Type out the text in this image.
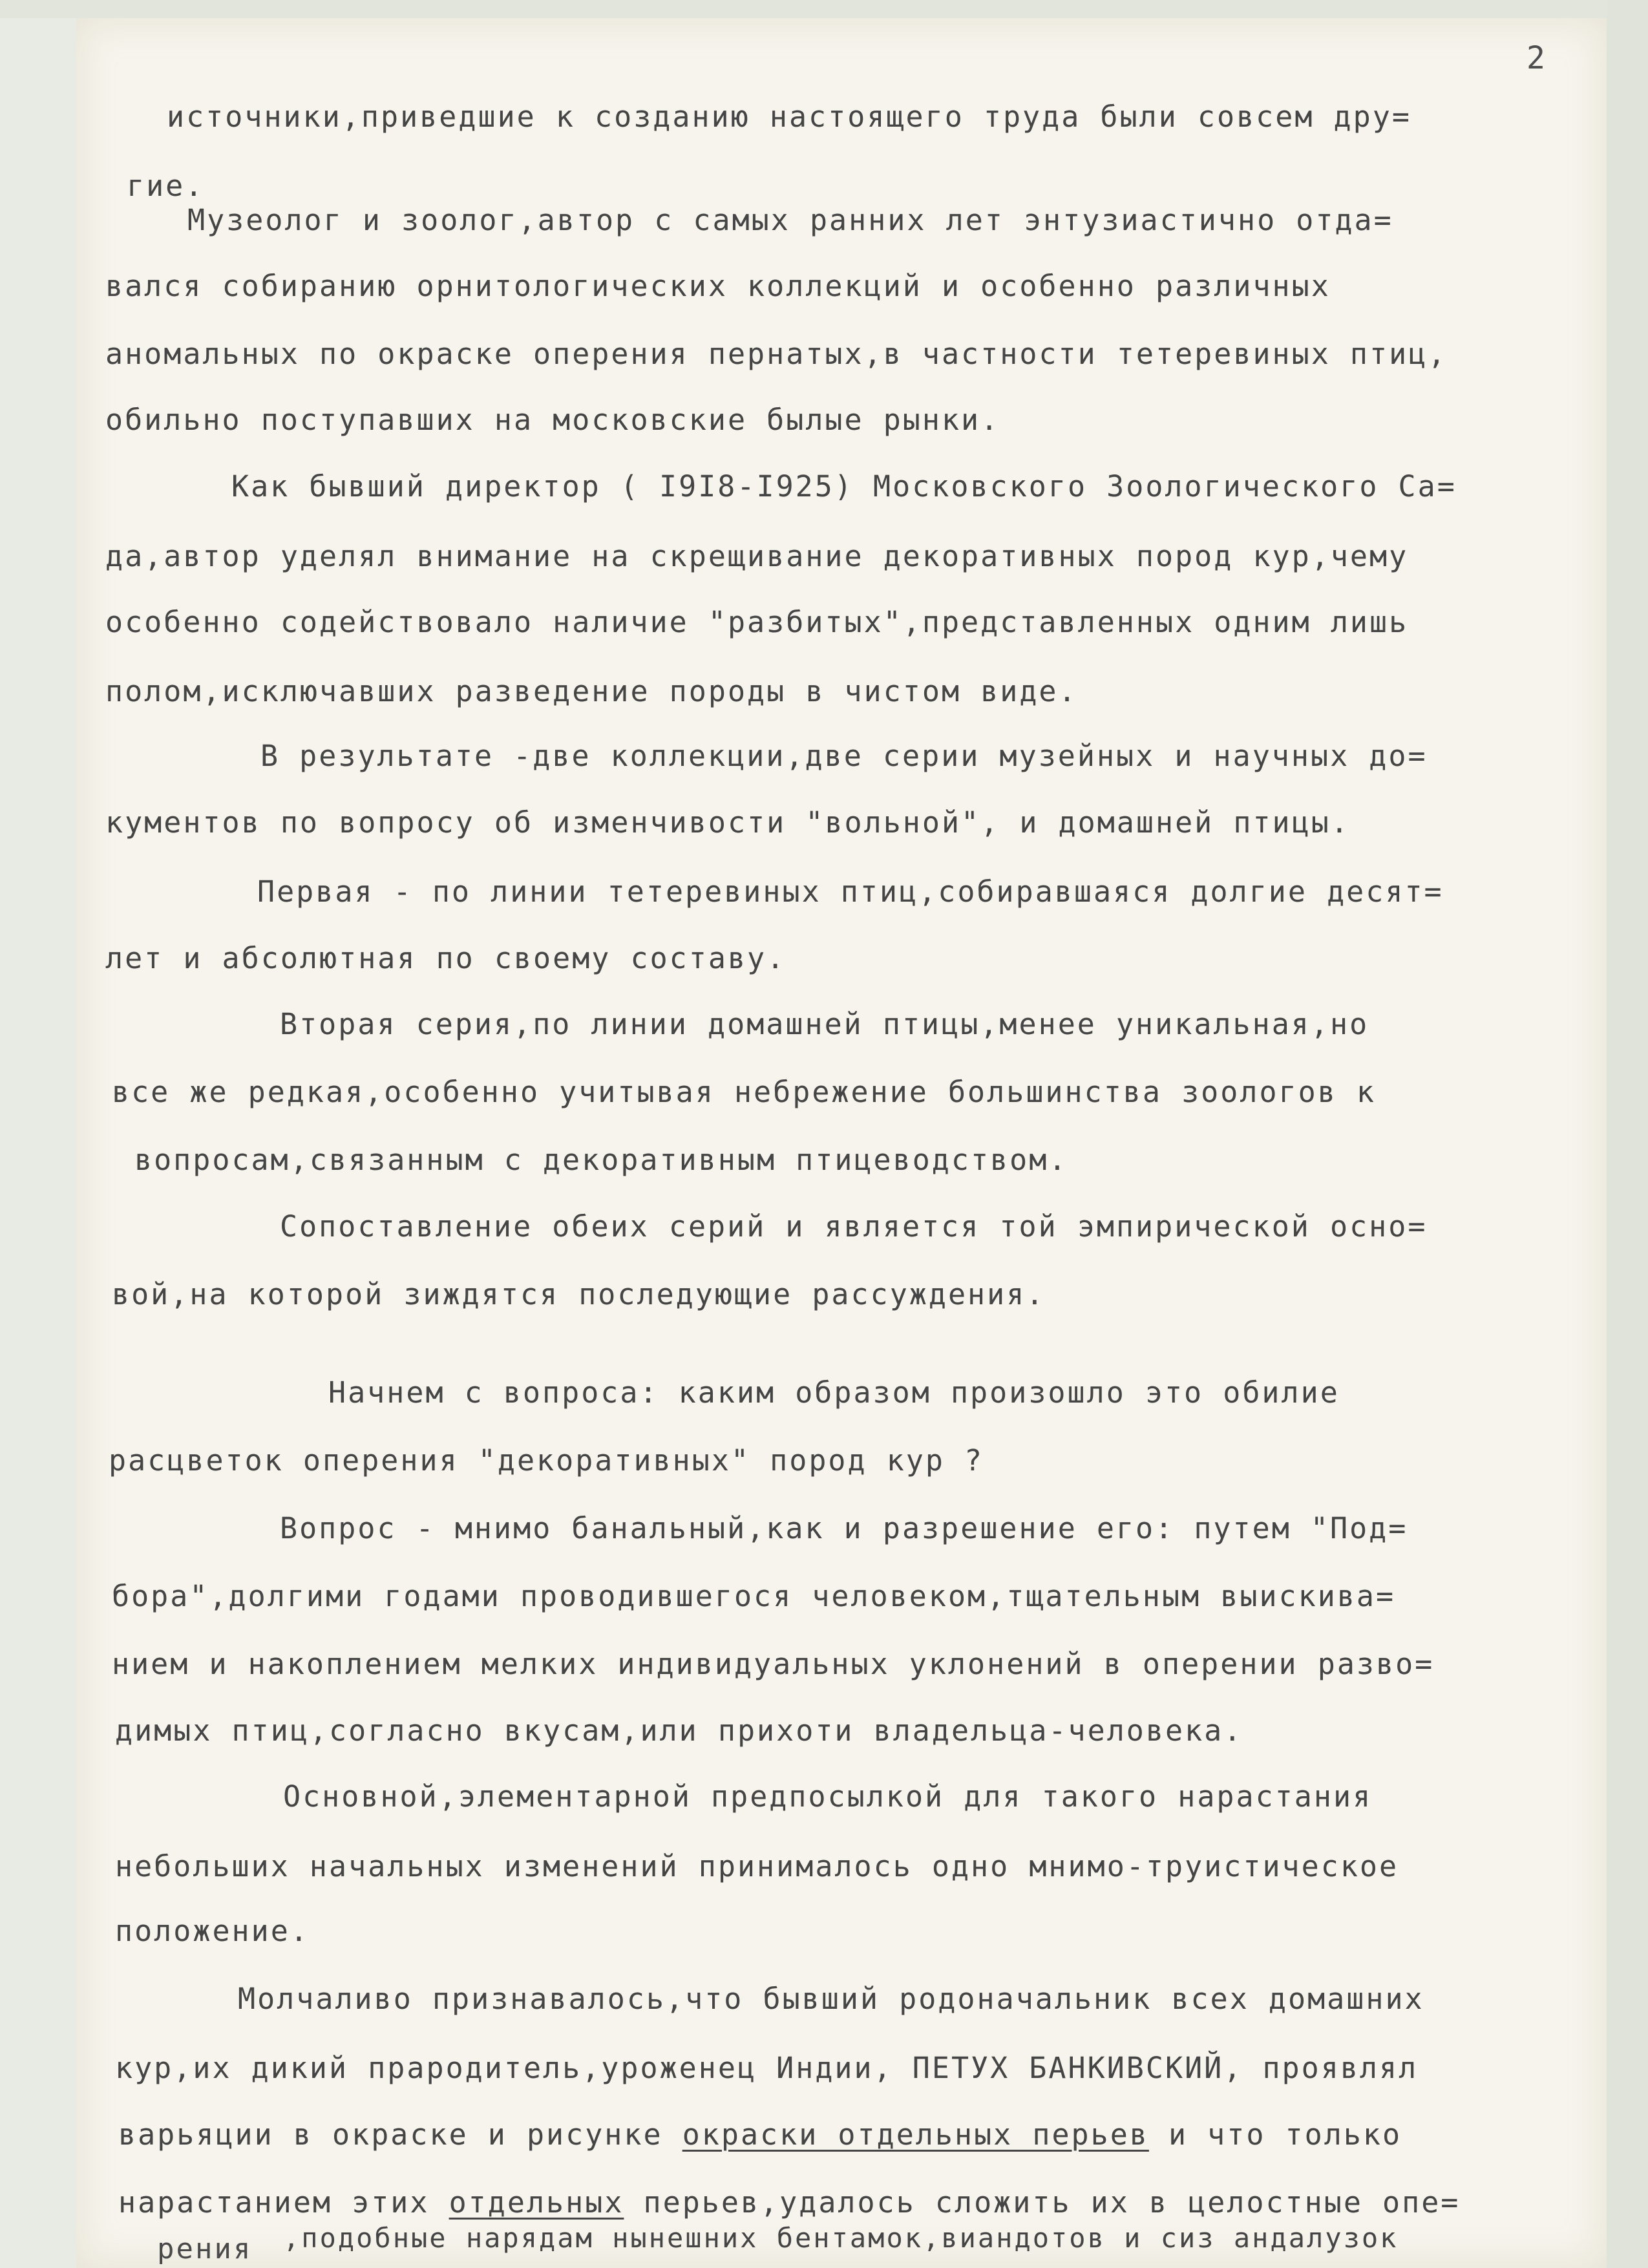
2
источники,приведшие к созданию настоящего труда были совсем дру=
гие.
Музеолог и зоолог,автор с самых ранних лет энтузиастично отда=
вался собиранию орнитологических коллекций и особенно различных
аномальных по окраске оперения пернатых,в частности тетеревиных птиц,
обильно поступавших на московские былые рынки.
Как бывший директор ( I9I8-I925) Московского Зоологического Са=
да,автор уделял внимание на скрещивание декоративных пород кур,чему
особенно содействовало наличие "разбитых",представленных одним лишь
полом,исключавших разведение породы в чистом виде.
В результате -две коллекции,две серии музейных и научных до=
кументов по вопросу об изменчивости "вольной", и домашней птицы.
Первая - по линии тетеревиных птиц,собиравшаяся долгие десят=
лет и абсолютная по своему составу.
Вторая серия,по линии домашней птицы,менее уникальная,но
все же редкая,особенно учитывая небрежение большинства зоологов к
вопросам,связанным с декоративным птицеводством.
Сопоставление обеих серий и является той эмпирической осно=
вой,на которой зиждятся последующие рассуждения.
Начнем с вопроса: каким образом произошло это обилие
расцветок оперения "декоративных" пород кур ?
Вопрос - мнимо банальный,как и разрешение его: путем "Под=
бора",долгими годами проводившегося человеком,тщательным выискива=
нием и накоплением мелких индивидуальных уклонений в оперении разво=
димых птиц,согласно вкусам,или прихоти владельца-человека.
Основной,элементарной предпосылкой для такого нарастания
небольших начальных изменений принималось одно мнимо-труистическое
положение.
Молчаливо признавалось,что бывший родоначальник всех домашних
кур,их дикий прародитель,уроженец Индии, ПЕТУХ БАНКИВСКИЙ, проявлял
варьяции в окраске и рисунке окраски отдельных перьев и что только
нарастанием этих отдельных перьев,удалось сложить их в целостные опе=
,подобные нарядам нынешних бентамок,виандотов и сиз андалузок
рения
